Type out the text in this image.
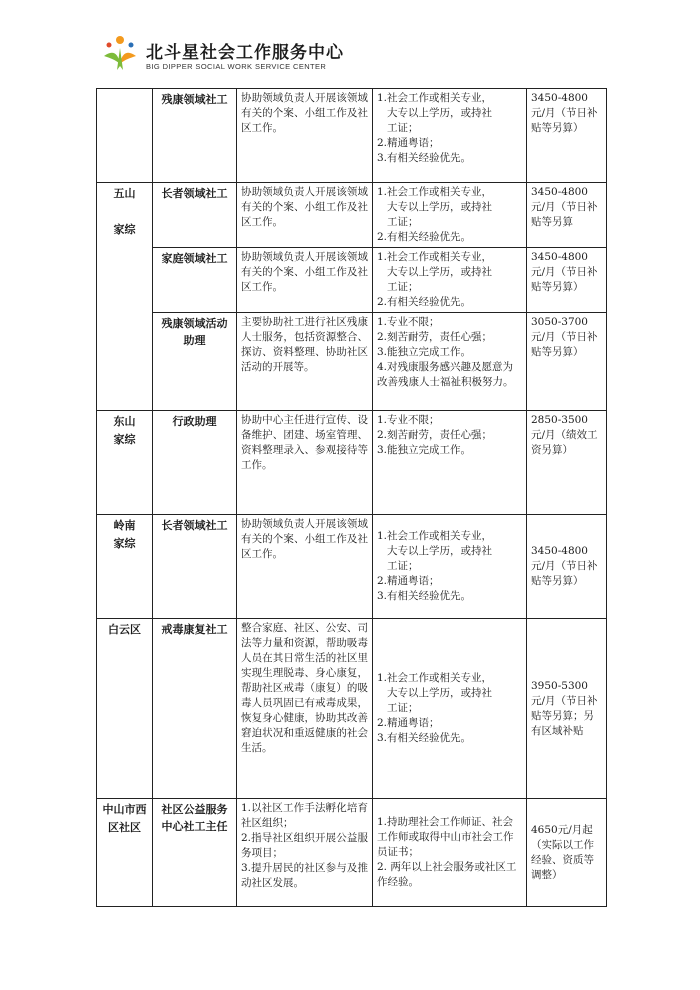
北斗星社会工作服务中心
BIG DIPPER SOCIAL WORK SERVICE CENTER
	残康领域社工	协助领域负责人开展该领域有关的个案、小组工作及社区工作。	1.社会工作或相关专业，
大专以上学历，或持社
工证；
2.精通粤语；
3.有相关经验优先。	3450-4800元/月（节日补贴等另算）

五山

家综	长者领域社工	协助领域负责人开展该领域有关的个案、小组工作及社区工作。	1.社会工作或相关专业，
大专以上学历，或持社
工证；
2.有相关经验优先。	3450-4800元/月（节日补贴等另算

	家庭领域社工	协助领域负责人开展该领域有关的个案、小组工作及社区工作。	1.社会工作或相关专业，
大专以上学历，或持社
工证；
2.有相关经验优先。	3450-4800元/月（节日补贴等另算）

	残康领域活动助理	主要协助社工进行社区残康人士服务，包括资源整合、探访、资料整理、协助社区活动的开展等。	1.专业不限；
2.刻苦耐劳，责任心强；
3.能独立完成工作。
4.对残康服务感兴趣及愿意为改善残康人士福祉积极努力。	3050-3700元/月（节日补贴等另算）

东山
家综	行政助理	协助中心主任进行宣传、设备维护、团建、场室管理、资料整理录入、参观接待等工作。	1.专业不限；
2.刻苦耐劳，责任心强；
3.能独立完成工作。	2850-3500元/月（绩效工资另算）

岭南
家综	长者领域社工	协助领域负责人开展该领域有关的个案、小组工作及社区工作。	1.社会工作或相关专业，
大专以上学历，或持社
工证；
2.精通粤语；
3.有相关经验优先。	3450-4800元/月（节日补贴等另算）

白云区	戒毒康复社工	整合家庭、社区、公安、司法等力量和资源，帮助吸毒人员在其日常生活的社区里实现生理脱毒、身心康复，帮助社区戒毒（康复）的吸毒人员巩固已有戒毒成果，恢复身心健康，协助其改善窘迫状况和重返健康的社会生活。	1.社会工作或相关专业，
大专以上学历，或持社
工证；
2.精通粤语；
3.有相关经验优先。	3950-5300元/月（节日补贴等另算；另有区域补贴

中山市西区社区	社区公益服务中心社工主任	1.以社区工作手法孵化培育社区组织；
2.指导社区组织开展公益服务项目；
3.提升居民的社区参与及推动社区发展。	1.持助理社会工作师证、社会工作师或取得中山市社会工作员证书；
2. 两年以上社会服务或社区工作经验。	4650元/月起（实际以工作经验、资质等调整）
